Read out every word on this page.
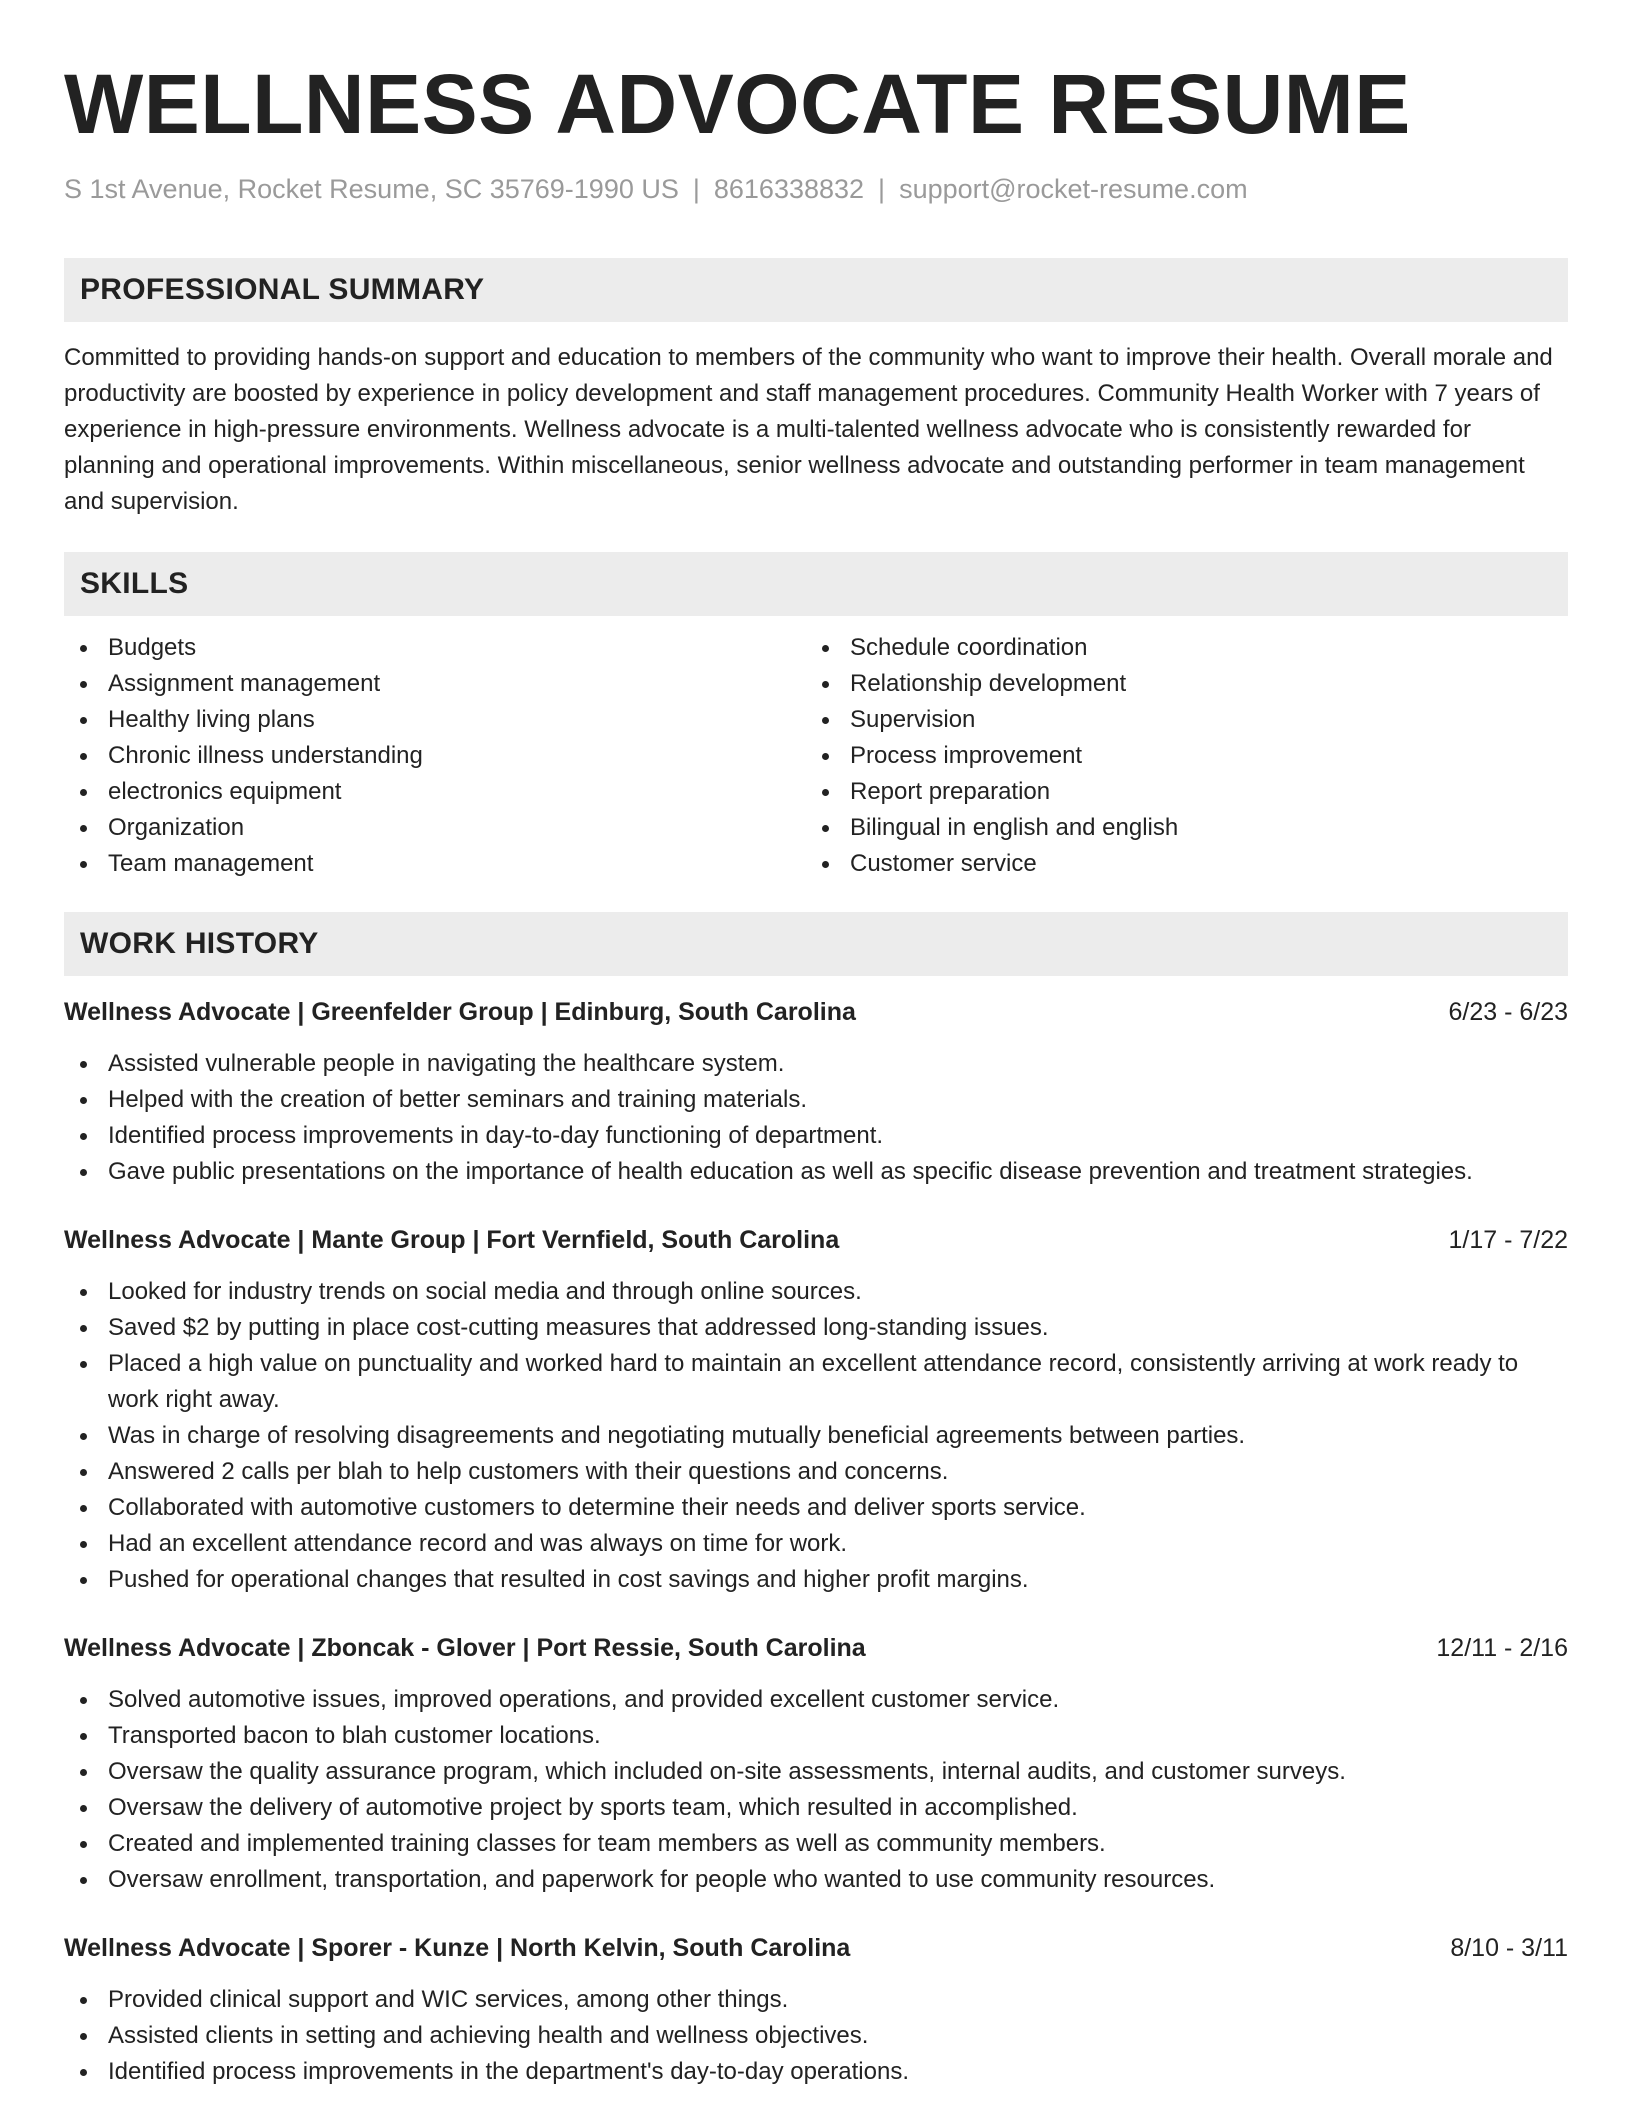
WELLNESS ADVOCATE RESUME
S 1st Avenue, Rocket Resume, SC 35769-1990 US | 8616338832 | support@rocket-resume.com
PROFESSIONAL SUMMARY

Committed to providing hands-on support and education to members of the community who want to improve their health. Overall morale and productivity are boosted by experience in policy development and staff management procedures. Community Health Worker with 7 years of experience in high-pressure environments. Wellness advocate is a multi-talented wellness advocate who is consistently rewarded for planning and operational improvements. Within miscellaneous, senior wellness advocate and outstanding performer in team management and supervision.

SKILLS
Budgets
Assignment management
Healthy living plans
Chronic illness understanding
electronics equipment
Organization
Team management
Schedule coordination
Relationship development
Supervision
Process improvement
Report preparation
Bilingual in english and english
Customer service
WORK HISTORY
Wellness Advocate | Greenfelder Group | Edinburg, South Carolina	6/23 - 6/23
Assisted vulnerable people in navigating the healthcare system.
Helped with the creation of better seminars and training materials.
Identified process improvements in day-to-day functioning of department.
Gave public presentations on the importance of health education as well as specific disease prevention and treatment strategies.
Wellness Advocate | Mante Group | Fort Vernfield, South Carolina	1/17 - 7/22
Looked for industry trends on social media and through online sources.
Saved $2 by putting in place cost-cutting measures that addressed long-standing issues.
Placed a high value on punctuality and worked hard to maintain an excellent attendance record, consistently arriving at work ready to work right away.
Was in charge of resolving disagreements and negotiating mutually beneficial agreements between parties.
Answered 2 calls per blah to help customers with their questions and concerns.
Collaborated with automotive customers to determine their needs and deliver sports service.
Had an excellent attendance record and was always on time for work.
Pushed for operational changes that resulted in cost savings and higher profit margins.
Wellness Advocate | Zboncak - Glover | Port Ressie, South Carolina	12/11 - 2/16
Solved automotive issues, improved operations, and provided excellent customer service.
Transported bacon to blah customer locations.
Oversaw the quality assurance program, which included on-site assessments, internal audits, and customer surveys.
Oversaw the delivery of automotive project by sports team, which resulted in accomplished.
Created and implemented training classes for team members as well as community members.
Oversaw enrollment, transportation, and paperwork for people who wanted to use community resources.
Wellness Advocate | Sporer - Kunze | North Kelvin, South Carolina	8/10 - 3/11
Provided clinical support and WIC services, among other things.
Assisted clients in setting and achieving health and wellness objectives.
Identified process improvements in the department's day-to-day operations.
